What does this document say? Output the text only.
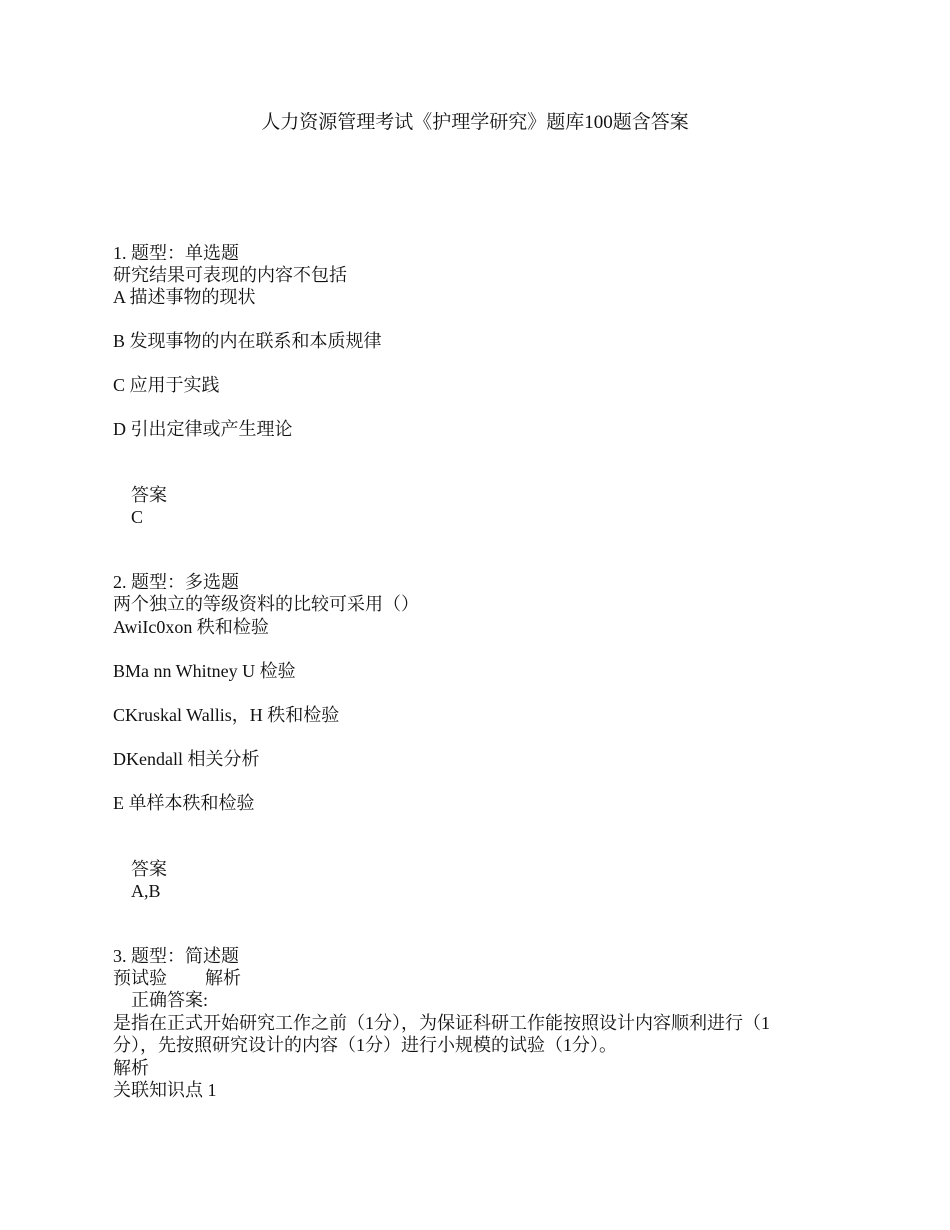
人力资源管理考试《护理学研究》题库100题含答案
1. 题型：单选题
研究结果可表现的内容不包括
A 描述事物的现状
B 发现事物的内在联系和本质规律
C 应用于实践
D 引出定律或产生理论
答案
C
2. 题型：多选题
两个独立的等级资料的比较可采用（）
AwiIc0xon 秩和检验
BMa nn Whitney U 检验
CKruskal Wallis，H 秩和检验
DKendall 相关分析
E 单样本秩和检验
答案
A,B
3. 题型：简述题
预试验 解析
正确答案:
是指在正式开始研究工作之前（1分），为保证科研工作能按照设计内容顺利进行（1分），先按照研究设计的内容（1分）进行小规模的试验（1分）。
解析
关联知识点 1
